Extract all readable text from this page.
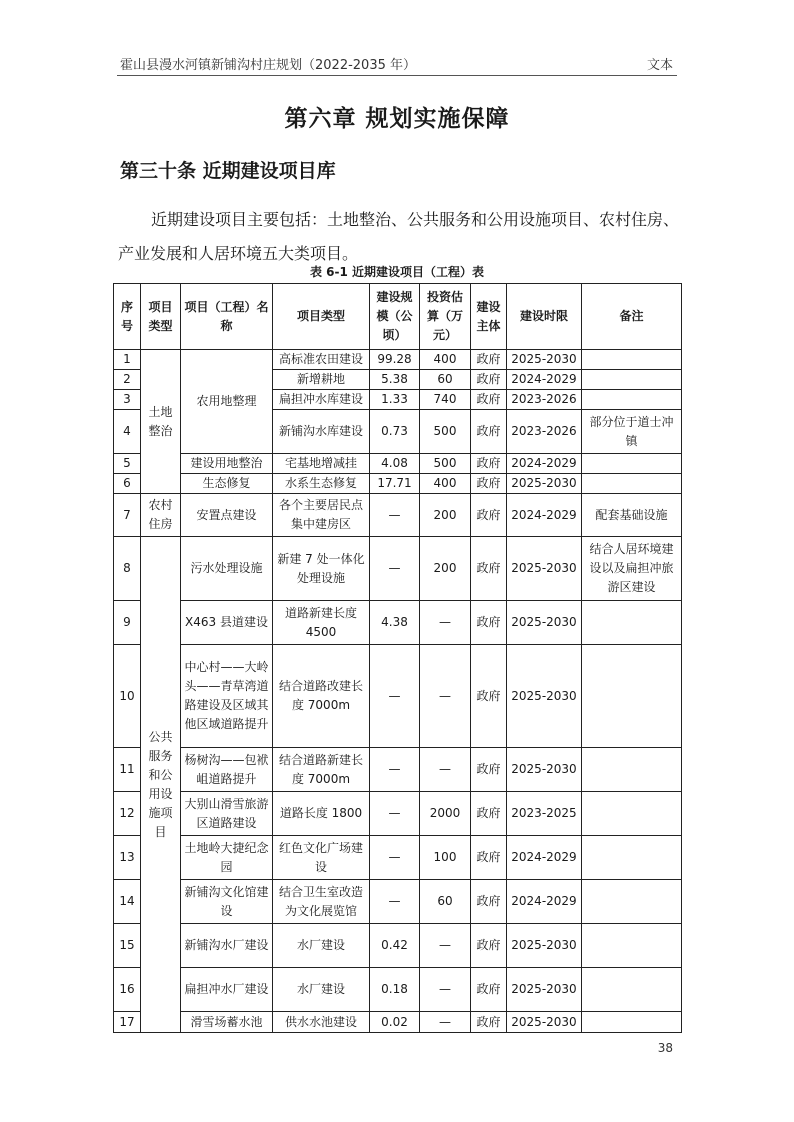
霍山县漫水河镇新铺沟村庄规划（2022-2035 年）	文本
第六章 规划实施保障
第三十条 近期建设项目库
近期建设项目主要包括：土地整治、公共服务和公用设施项目、农村住房、产业发展和人居环境五大类项目。
表 6-1 近期建设项目（工程）表
序号	项目类型	项目（工程）名称	项目类型	建设规模（公顷）	投资估算（万元）	建设主体	建设时限	备注
1	土地整治	农用地整理	高标准农田建设	99.28	400	政府	2025-2030	
2			新增耕地	5.38	60	政府	2024-2029	
3			扁担冲水库建设	1.33	740	政府	2023-2026	
4			新铺沟水库建设	0.73	500	政府	2023-2026	部分位于道士冲镇
5		建设用地整治	宅基地增减挂	4.08	500	政府	2024-2029	
6		生态修复	水系生态修复	17.71	400	政府	2025-2030	
7	农村住房	安置点建设	各个主要居民点集中建房区	—	200	政府	2024-2029	配套基础设施
8	公共服务和公用设施项目	污水处理设施	新建 7 处一体化处理设施	—	200	政府	2025-2030	结合人居环境建设以及扁担冲旅游区建设
9		X463 县道建设	道路新建长度4500	4.38	—	政府	2025-2030	
10		中心村——大岭头——青草湾道路建设及区域其他区域道路提升	结合道路改建长度 7000m	—	—	政府	2025-2030	
11		杨树沟——包袱岨道路提升	结合道路新建长度 7000m	—	—	政府	2025-2030	
12		大别山滑雪旅游区道路建设	道路长度 1800	—	2000	政府	2023-2025	
13		土地岭大捷纪念园	红色文化广场建设	—	100	政府	2024-2029	
14		新铺沟文化馆建设	结合卫生室改造为文化展览馆	—	60	政府	2024-2029	
15		新铺沟水厂建设	水厂建设	0.42	—	政府	2025-2030	
16		扁担冲水厂建设	水厂建设	0.18	—	政府	2025-2030	
17		滑雪场蓄水池	供水水池建设	0.02	—	政府	2025-2030	
38
